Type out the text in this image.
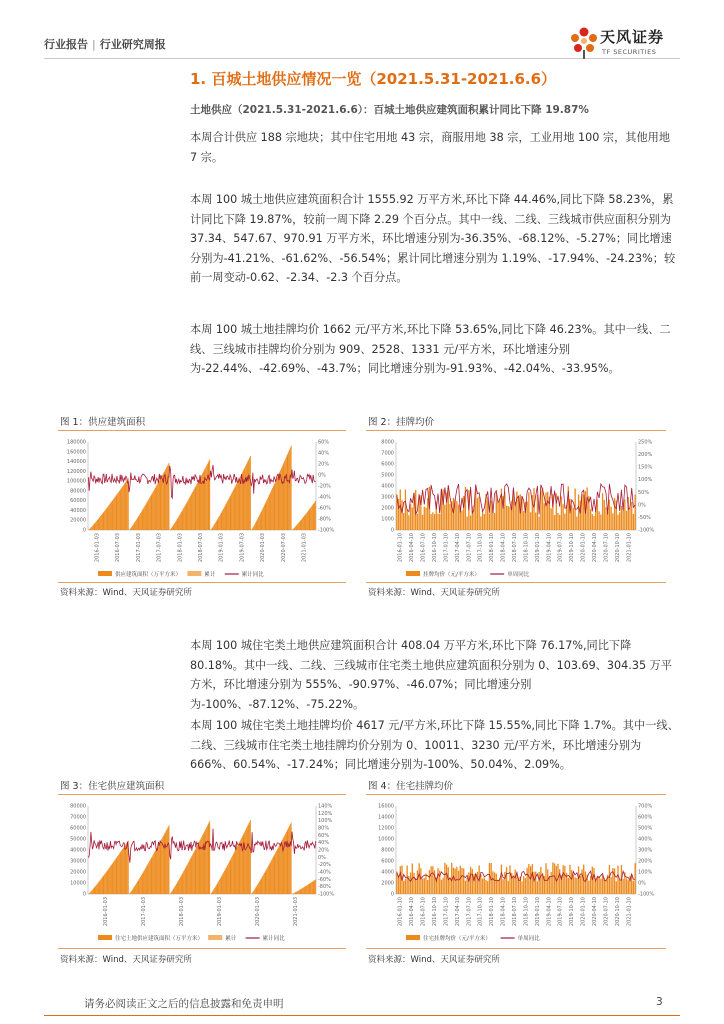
行业报告 | 行业研究周报	天风证券
TF SECURITIES
1. 百城土地供应情况一览（2021.5.31-2021.6.6）
土地供应（2021.5.31-2021.6.6）：百城土地供应建筑面积累计同比下降 19.87%
本周合计供应 188 宗地块；其中住宅用地 43 宗，商服用地 38 宗，工业用地 100 宗，其他用地 7 宗。
本周 100 城土地供应建筑面积合计 1555.92 万平方米,环比下降 44.46%,同比下降 58.23%，累计同比下降 19.87%，较前一周下降 2.29 个百分点。其中一线、二线、三线城市供应面积分别为 37.34、547.67、970.91 万平方米，环比增速分别为-36.35%、-68.12%、-5.27%；同比增速分别为-41.21%、-61.62%、-56.54%；累计同比增速分别为 1.19%、-17.94%、-24.23%；较前一周变动-0.62、-2.34、-2.3 个百分点。
本周 100 城土地挂牌均价 1662 元/平方米,环比下降 53.65%,同比下降 46.23%。其中一线、二线、三线城市挂牌均价分别为 909、2528、1331 元/平方米，环比增速分别为-22.44%、-42.69%、-43.7%；同比增速分别为-91.93%、-42.04%、-33.95%。
图 1：供应建筑面积
180000
160000
140000
120000
100000
80000
60000
40000
20000
0
60%
40%
20%
0%
-20%
-40%
-60%
-80%
-100%
2016-01-03	2016-07-03	2017-01-03	2017-07-03	2018-01-03	2018-07-03	2019-01-03	2019-07-03	2020-01-03	2020-07-03	2021-01-03
供应建筑面积（万平方米）	累计	累计同比
资料来源：Wind、天风证券研究所
图 2：挂牌均价
8000
7000
6000
5000
4000
3000
2000
1000
0
250%
200%
150%
100%
50%
0%
-50%
-100%
2016-01-10 2016-04-10 2016-07-10 2016-10-10 2017-01-10 2017-04-10 2017-07-10 2017-10-10 2018-01-10 2018-04-10 2018-07-10 2018-10-10 2019-01-10 2019-04-10 2019-07-10 2019-10-10 2020-01-10 2020-04-10 2020-07-10 2020-10-10 2021-01-10
挂牌均价（元/平方米）	单周同比
资料来源：Wind、天风证券研究所
本周 100 城住宅类土地供应建筑面积合计 408.04 万平方米,环比下降 76.17%,同比下降 80.18%。其中一线、二线、三线城市住宅类土地供应建筑面积分别为 0、103.69、304.35 万平方米，环比增速分别为 555%、-90.97%、-46.07%；同比增速分别为-100%、-87.12%、-75.22%。
本周 100 城住宅类土地挂牌均价 4617 元/平方米,环比下降 15.55%,同比下降 1.7%。其中一线、二线、三线城市住宅类土地挂牌均价分别为 0、10011、3230 元/平方米，环比增速分别为 666%、60.54%、-17.24%；同比增速分别为-100%、50.04%、2.09%。
图 3：住宅供应建筑面积
80000
70000
60000
50000
40000
30000
20000
10000
0
140%
120%
100%
80%
60%
40%
20%
0%
-20%
-40%
-60%
-80%
-100%
2016-01-03	2017-01-03	2018-01-03	2019-01-03	2020-01-03	2021-01-03
住宅土地供应建筑面积（万平方米）	累计	累计同比
资料来源：Wind、天风证券研究所
图 4：住宅挂牌均价
16000
14000
12000
10000
8000
6000
4000
2000
0
700%
600%
500%
400%
300%
200%
100%
0%
-100%
2016-01-10 2016-04-10 2016-07-10 2016-10-10 2017-01-10 2017-04-10 2017-07-10 2017-10-10 2018-01-10 2018-04-10 2018-07-10 2018-10-10 2019-01-10 2019-04-10 2019-07-10 2019-10-10 2020-01-10 2020-04-10 2020-07-10 2020-10-10 2021-01-10
住宅挂牌均价（元/平方米）	单周同比
资料来源：Wind、天风证券研究所
请务必阅读正文之后的信息披露和免责申明	3
